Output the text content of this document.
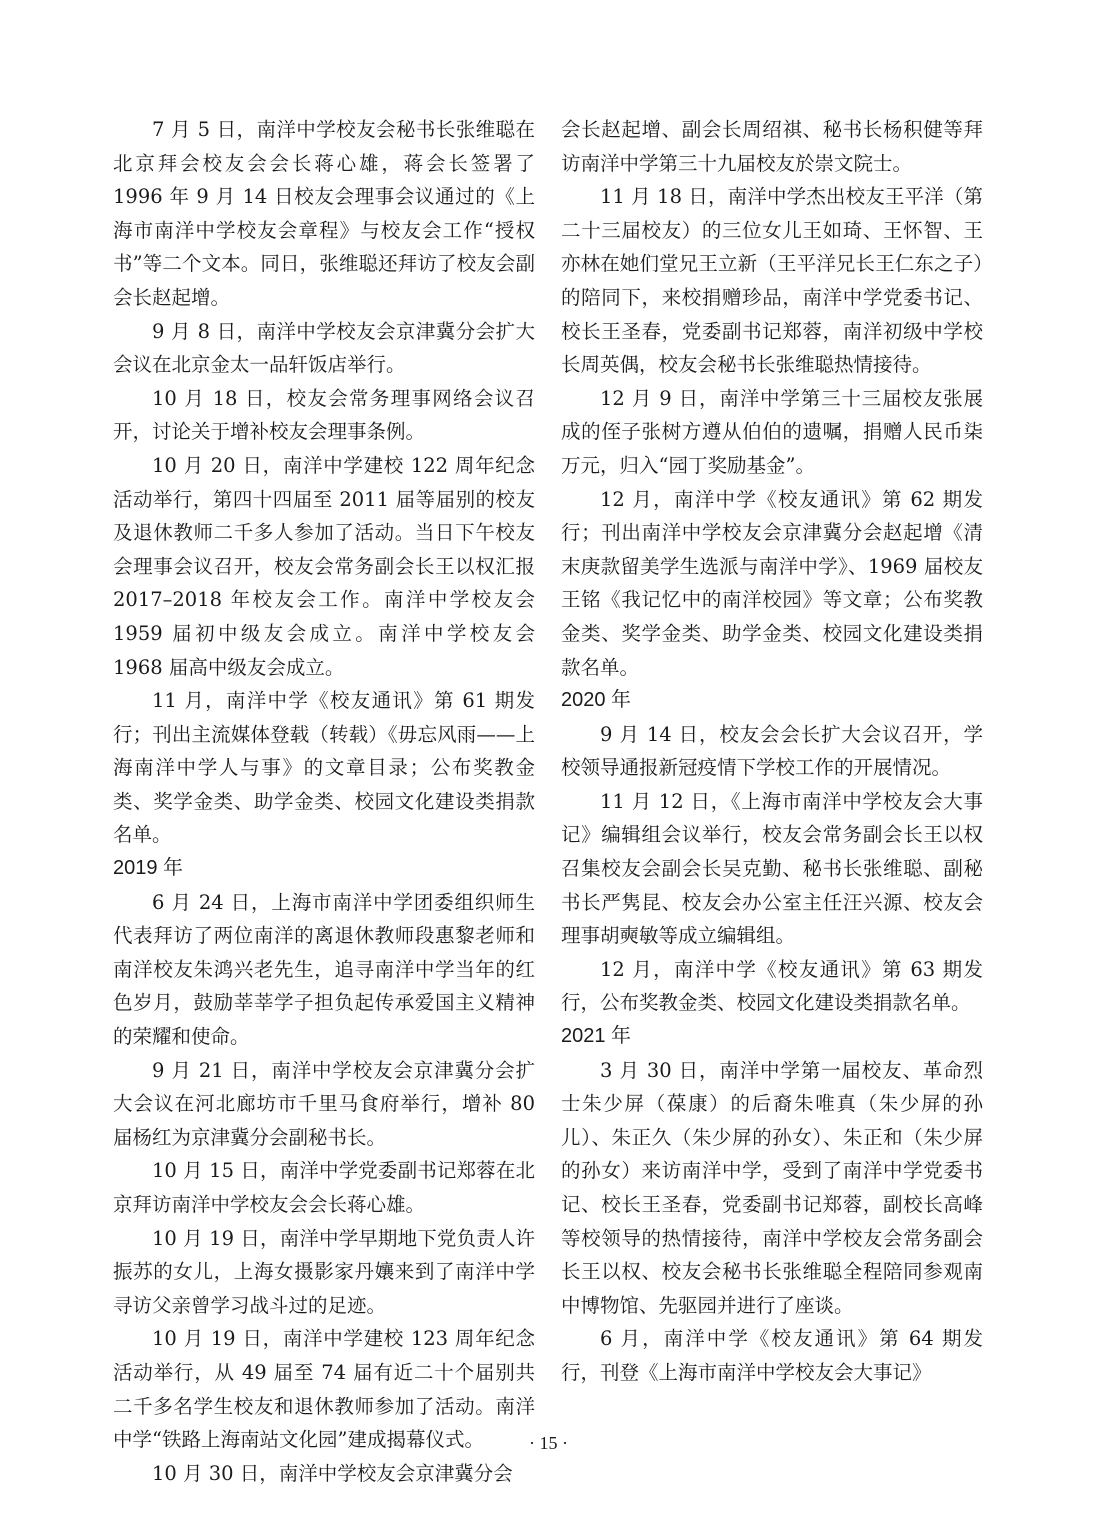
7 月 5 日，南洋中学校友会秘书长张维聪在北京拜会校友会会长蒋心雄，蒋会长签署了 1996 年 9 月 14 日校友会理事会议通过的《上海市南洋中学校友会章程》与校友会工作“授权书”等二个文本。同日，张维聪还拜访了校友会副会长赵起增。

9 月 8 日，南洋中学校友会京津冀分会扩大会议在北京金太一品轩饭店举行。

10 月 18 日，校友会常务理事网络会议召开，讨论关于增补校友会理事条例。

10 月 20 日，南洋中学建校 122 周年纪念活动举行，第四十四届至 2011 届等届别的校友及退休教师二千多人参加了活动。当日下午校友会理事会议召开，校友会常务副会长王以权汇报 2017–2018 年校友会工作。南洋中学校友会 1959 届初中级友会成立。南洋中学校友会 1968 届高中级友会成立。

11 月，南洋中学《校友通讯》第 61 期发行；刊出主流媒体登载（转载）《毋忘风雨——上海南洋中学人与事》的文章目录；公布奖教金类、奖学金类、助学金类、校园文化建设类捐款名单。

2019 年

6 月 24 日，上海市南洋中学团委组织师生代表拜访了两位南洋的离退休教师段惠黎老师和南洋校友朱鸿兴老先生，追寻南洋中学当年的红色岁月，鼓励莘莘学子担负起传承爱国主义精神的荣耀和使命。

9 月 21 日，南洋中学校友会京津冀分会扩大会议在河北廊坊市千里马食府举行，增补 80 届杨红为京津冀分会副秘书长。

10 月 15 日，南洋中学党委副书记郑蓉在北京拜访南洋中学校友会会长蒋心雄。

10 月 19 日，南洋中学早期地下党负责人许振苏的女儿，上海女摄影家丹孃来到了南洋中学寻访父亲曾学习战斗过的足迹。

10 月 19 日，南洋中学建校 123 周年纪念活动举行，从 49 届至 74 届有近二十个届别共二千多名学生校友和退休教师参加了活动。南洋中学“铁路上海南站文化园”建成揭幕仪式。

10 月 30 日，南洋中学校友会京津冀分会

会长赵起增、副会长周绍祺、秘书长杨积健等拜访南洋中学第三十九届校友於崇文院士。

11 月 18 日，南洋中学杰出校友王平洋（第二十三届校友）的三位女儿王如琦、王怀智、王亦林在她们堂兄王立新（王平洋兄长王仁东之子）的陪同下，来校捐赠珍品，南洋中学党委书记、校长王圣春，党委副书记郑蓉，南洋初级中学校长周英偶，校友会秘书长张维聪热情接待。

12 月 9 日，南洋中学第三十三届校友张展成的侄子张树方遵从伯伯的遗嘱，捐赠人民币柒万元，归入“园丁奖励基金”。

12 月，南洋中学《校友通讯》第 62 期发行；刊出南洋中学校友会京津冀分会赵起增《清末庚款留美学生选派与南洋中学》、1969 届校友王铭《我记忆中的南洋校园》等文章；公布奖教金类、奖学金类、助学金类、校园文化建设类捐款名单。

2020 年

9 月 14 日，校友会会长扩大会议召开，学校领导通报新冠疫情下学校工作的开展情况。

11 月 12 日，《上海市南洋中学校友会大事记》编辑组会议举行，校友会常务副会长王以权召集校友会副会长吴克勤、秘书长张维聪、副秘书长严隽昆、校友会办公室主任汪兴源、校友会理事胡奭敏等成立编辑组。

12 月，南洋中学《校友通讯》第 63 期发行，公布奖教金类、校园文化建设类捐款名单。

2021 年

3 月 30 日，南洋中学第一届校友、革命烈士朱少屏（葆康）的后裔朱唯真（朱少屏的孙儿）、朱正久（朱少屏的孙女）、朱正和（朱少屏的孙女）来访南洋中学，受到了南洋中学党委书记、校长王圣春，党委副书记郑蓉，副校长高峰等校领导的热情接待，南洋中学校友会常务副会长王以权、校友会秘书长张维聪全程陪同参观南中博物馆、先驱园并进行了座谈。

6 月，南洋中学《校友通讯》第 64 期发行，刊登《上海市南洋中学校友会大事记》

· 15 ·
